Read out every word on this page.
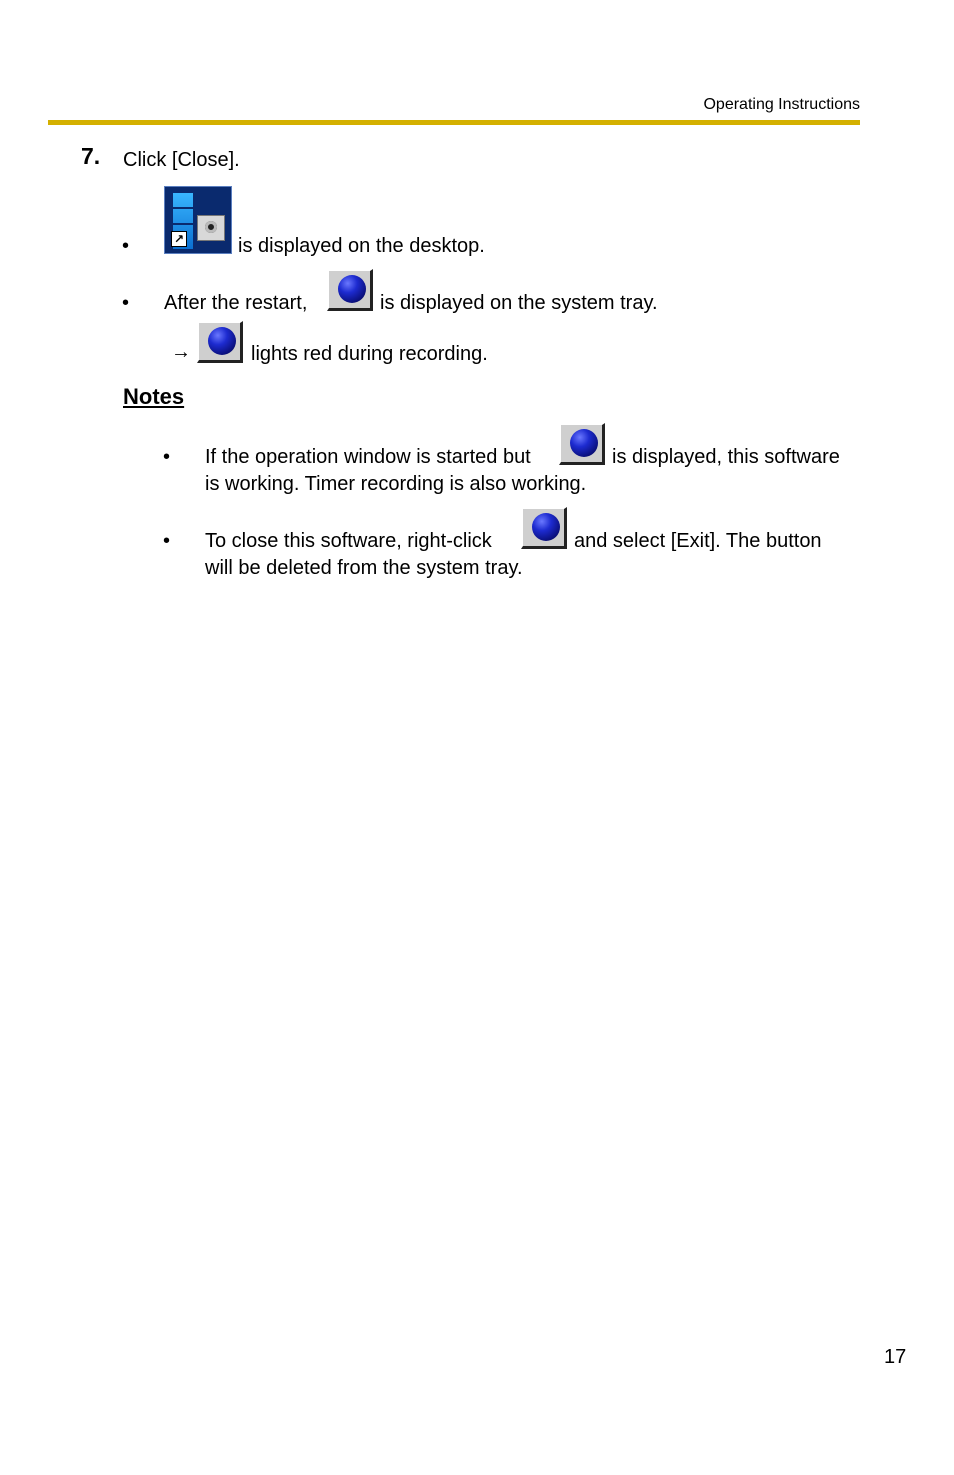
Operating Instructions
7. Click [Close].
•	↗	is displayed on the desktop.
• After the restart,	is displayed on the system tray.
→	lights red during recording.
Notes
• If the operation window is started but	is displayed, this software
is working. Timer recording is also working.
• To close this software, right-click	and select [Exit]. The button
will be deleted from the system tray.
17
